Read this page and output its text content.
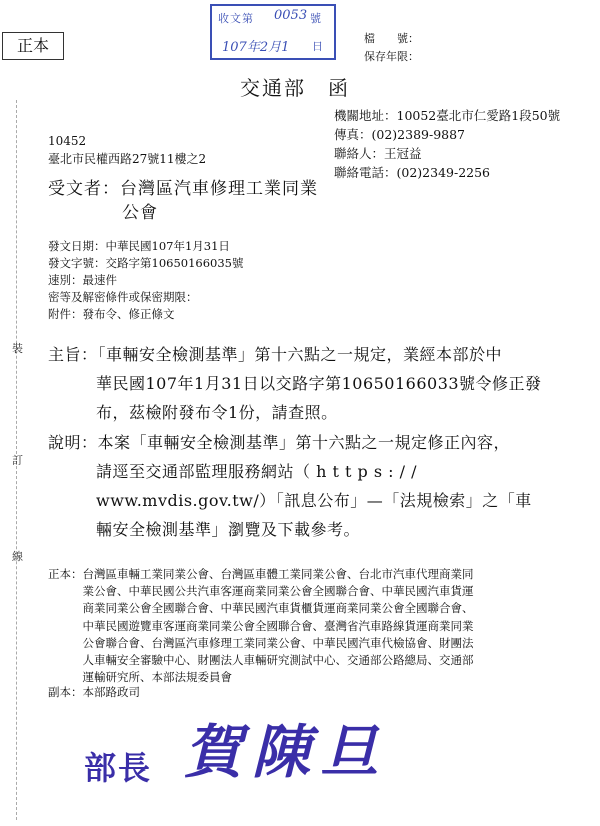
正本
收文第 0053 號
107年2月1 日
檔　　號：
保存年限：
交通部　函
機關地址：10052臺北市仁愛路1段50號
傳真：(02)2389-9887
聯絡人：王冠益
聯絡電話：(02)2349-2256
10452
臺北市民權西路27號11樓之2
受文者：台灣區汽車修理工業同業
公會
發文日期：中華民國107年1月31日
發文字號：交路字第10650166035號
速別：最速件
密等及解密條件或保密期限：
附件：發布令、修正條文
主旨：「車輛安全檢測基準」第十六點之一規定，業經本部於中
華民國107年1月31日以交路字第10650166033號令修正發
布，茲檢附發布令1份，請查照。
說明：本案「車輛安全檢測基準」第十六點之一規定修正內容，
請逕至交通部監理服務網站（ h t t p s : / /
www.mvdis.gov.tw/）「訊息公布」—「法規檢索」之「車
輛安全檢測基準」瀏覽及下載參考。
正本：台灣區車輛工業同業公會、台灣區車體工業同業公會、台北市汽車代理商業同
　　　業公會、中華民國公共汽車客運商業同業公會全國聯合會、中華民國汽車貨運
　　　商業同業公會全國聯合會、中華民國汽車貨櫃貨運商業同業公會全國聯合會、
　　　中華民國遊覽車客運商業同業公會全國聯合會、臺灣省汽車路線貨運商業同業
　　　公會聯合會、台灣區汽車修理工業同業公會、中華民國汽車代檢協會、財團法
　　　人車輛安全審驗中心、財團法人車輛研究測試中心、交通部公路總局、交通部
　　　運輸研究所、本部法規委員會
副本：本部路政司
裝
訂
線
部長 賀陳旦
